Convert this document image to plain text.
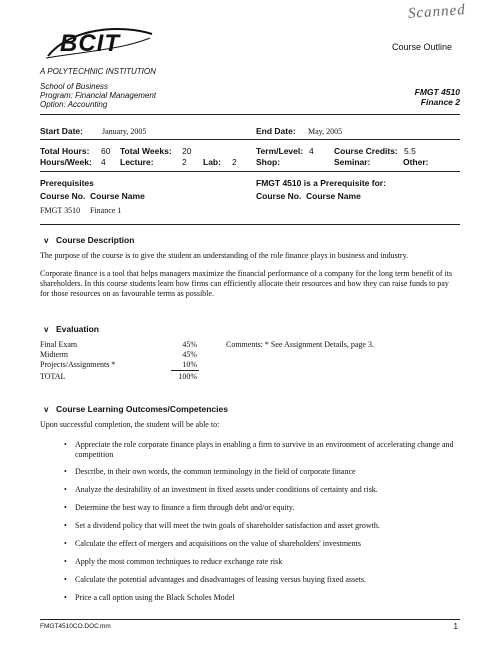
Scanned
BCIT
A POLYTECHNIC INSTITUTION
Course Outline
School of Business
Program: Financial Management
Option: Accounting
FMGT 4510
Finance 2
Start Date: January, 2005	End Date: May, 2005
Total Hours: 60 Total Weeks: 20	Term/Level: 4 Course Credits: 5.5
Hours/Week: 4 Lecture:	2 Lab: 2 Shop:	Seminar:	Other:
Prerequisites
Course No. Course Name
FMGT 3510 Finance 1
FMGT 4510 is a Prerequisite for:
Course No. Course Name
v Course Description
The purpose of the course is to give the student an understanding of the role finance plays in business and industry.
Corporate finance is a tool that helps managers maximize the financial performance of a company for the long term benefit of its shareholders. In this course students learn how firms can efficiently allocate their resources and how they can raise funds to pay for those resources on as favourable terms as possible.
v Evaluation
Final Exam	45%
Midterm	45%
Projects/Assignments *	10%
TOTAL	100%
Comments: * See Assignment Details, page 3.
v Course Learning Outcomes/Competencies
Upon successful completion, the student will be able to:
• Appreciate the role corporate finance plays in enabling a firm to survive in an environment of accelerating change and competition
• Describe, in their own words, the common terminology in the field of corporate finance
• Analyze the desirability of an investment in fixed assets under conditions of certainty and risk.
• Determine the best way to finance a firm through debt and/or equity.
• Set a dividend policy that will meet the twin goals of shareholder satisfaction and asset growth.
• Calculate the effect of mergers and acquisitions on the value of shareholders' investments
• Apply the most common techniques to reduce exchange rate risk
• Calculate the potential advantages and disadvantages of leasing versus buying fixed assets.
• Price a call option using the Black Scholes Model
FMGT4510CO.DOC mm	1
